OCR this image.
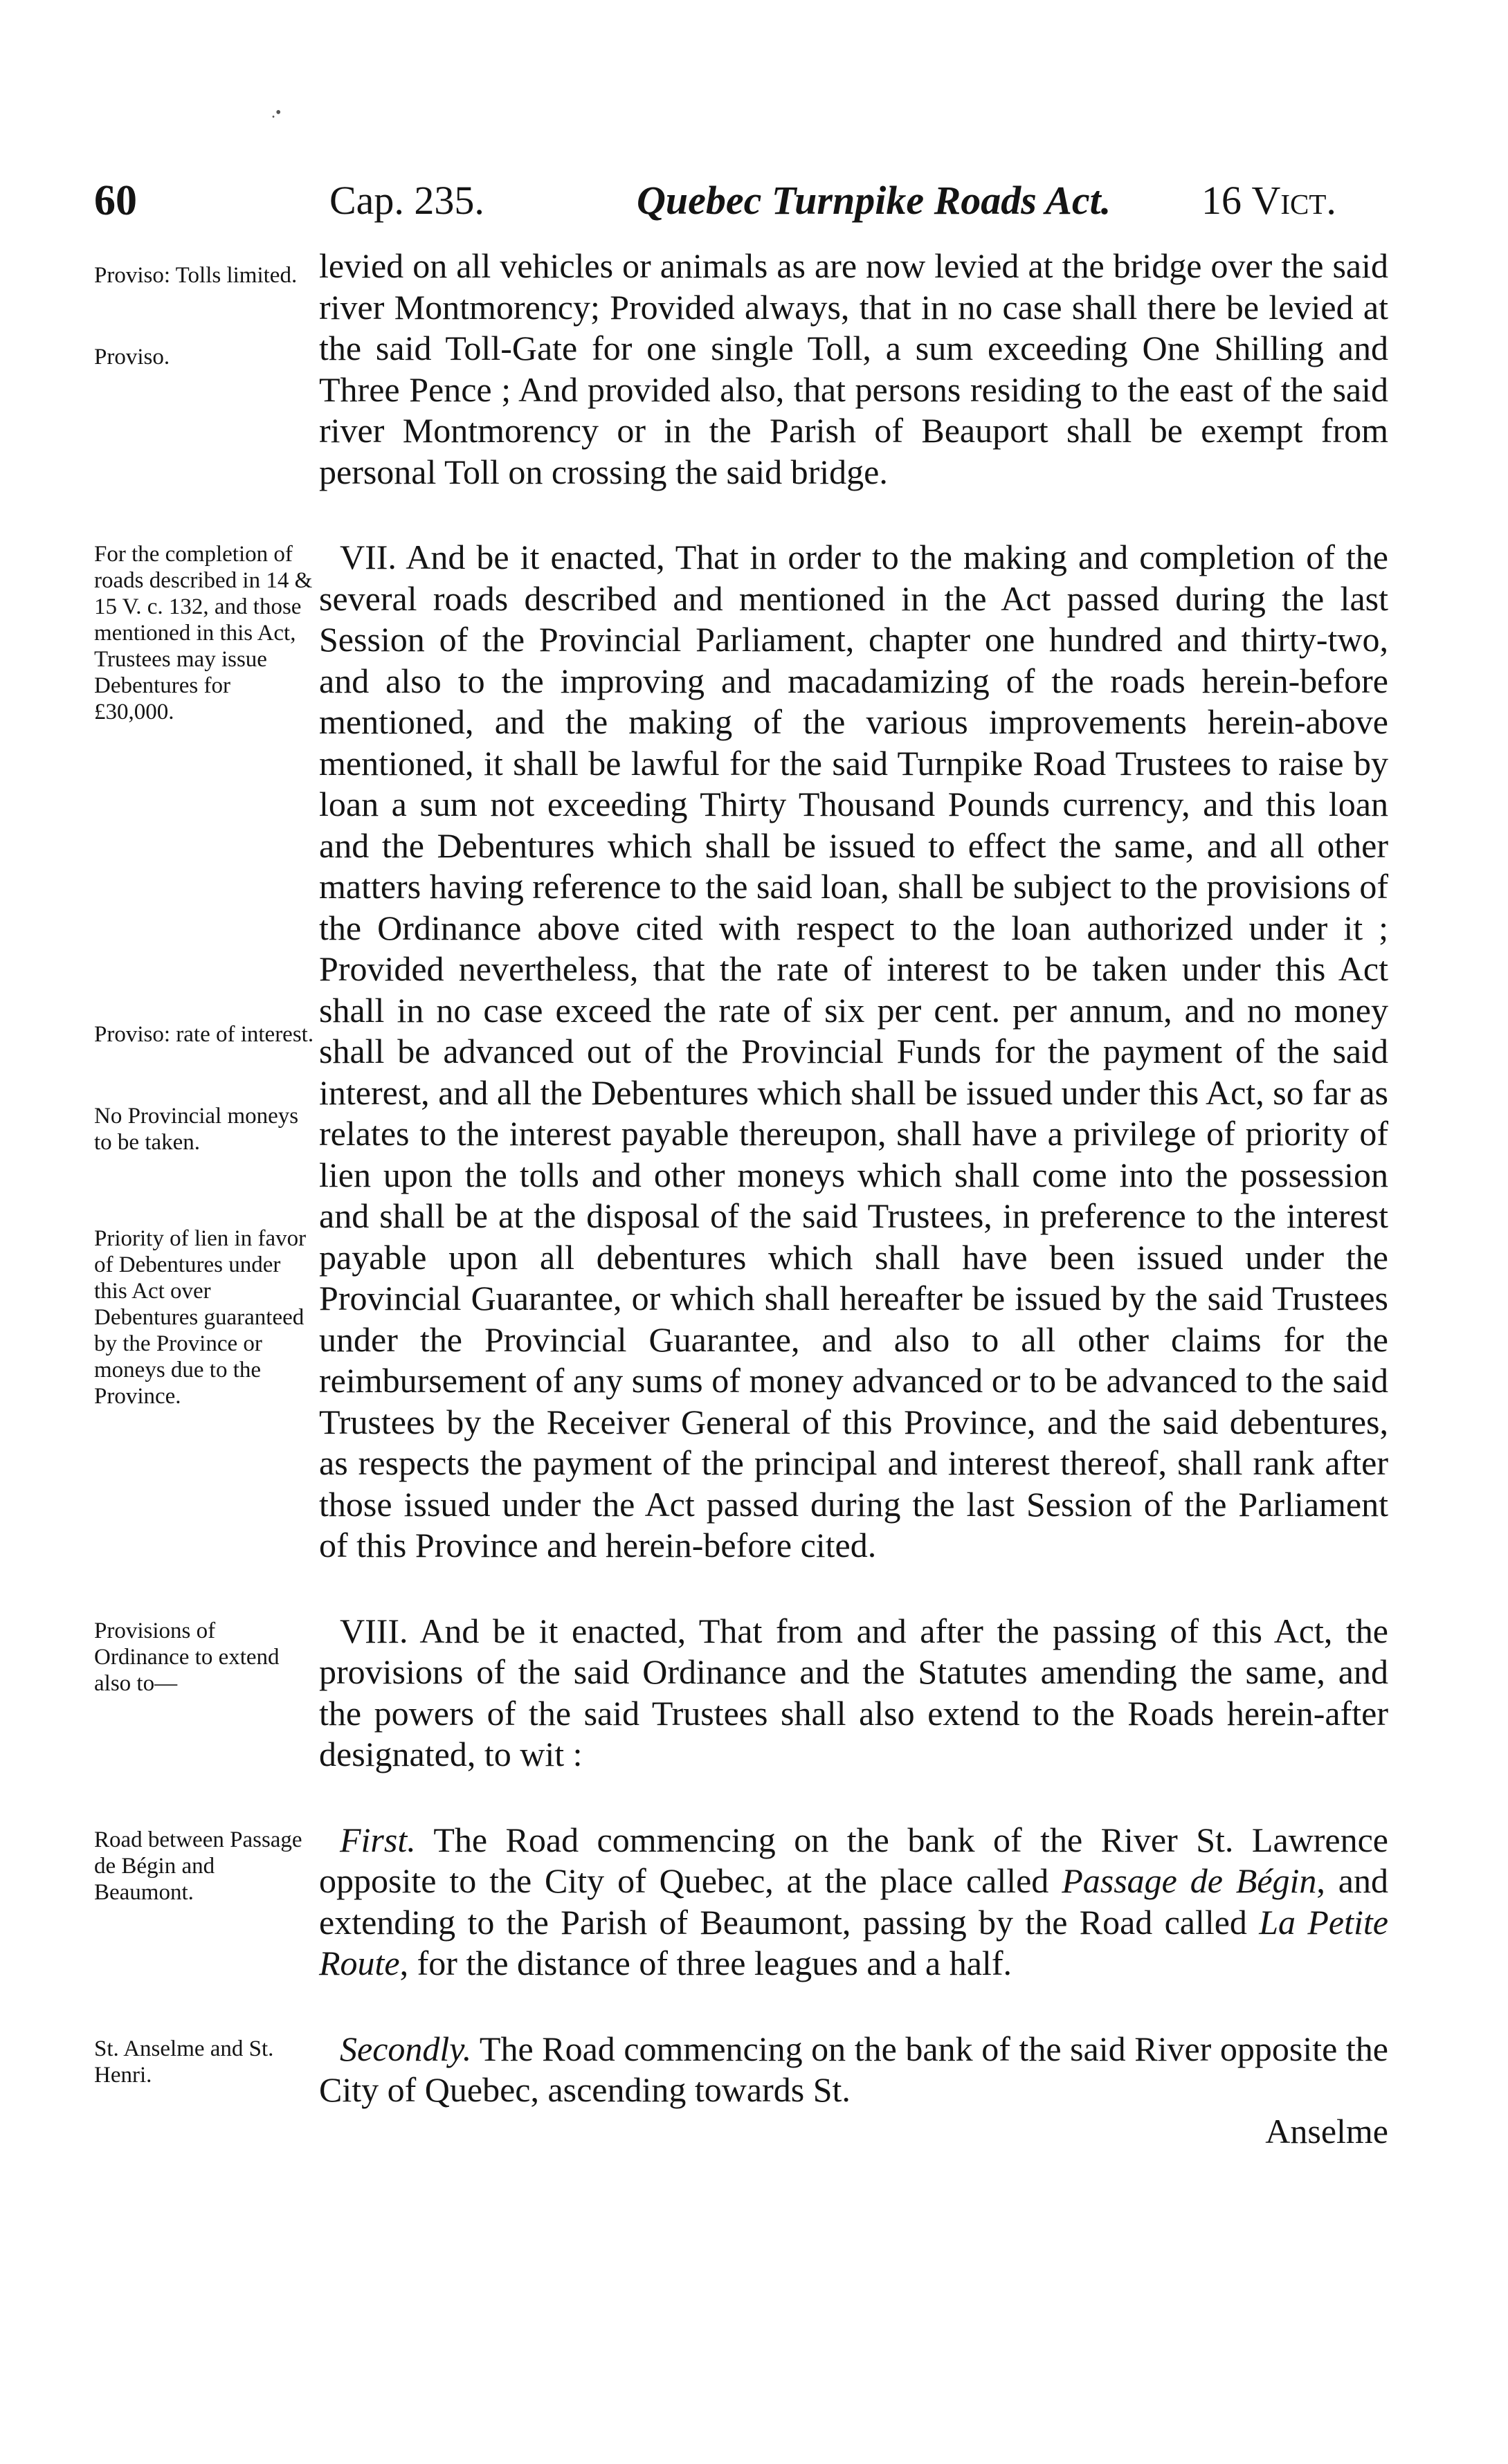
.•
60	Cap. 235.	Quebec Turnpike Roads Act. 16 Vict.
Proviso: Tolls limited.
Proviso.

levied on all vehicles or animals as are now levied at the bridge over the said river Montmorency; Provided always, that in no case shall there be levied at the said Toll-Gate for one single Toll, a sum exceeding One Shilling and Three Pence ; And provided also, that persons residing to the east of the said river Montmorency or in the Parish of Beauport shall be exempt from personal Toll on crossing the said bridge.

For the completion of roads described in 14 & 15 V. c. 132, and those mentioned in this Act, Trustees may issue Debentures for £30,000.
Proviso: rate of interest.
No Provincial moneys to be taken.
Priority of lien in favor of Debentures under this Act over Debentures guaranteed by the Province or moneys due to the Province.

VII. And be it enacted, That in order to the making and completion of the several roads described and mentioned in the Act passed during the last Session of the Provincial Parliament, chapter one hundred and thirty-two, and also to the improving and macadamizing of the roads herein-before mentioned, and the making of the various improvements herein-above mentioned, it shall be lawful for the said Turnpike Road Trustees to raise by loan a sum not exceeding Thirty Thousand Pounds currency, and this loan and the Debentures which shall be issued to effect the same, and all other matters having reference to the said loan, shall be subject to the provisions of the Ordinance above cited with respect to the loan authorized under it ; Provided nevertheless, that the rate of interest to be taken under this Act shall in no case exceed the rate of six per cent. per annum, and no money shall be advanced out of the Provincial Funds for the payment of the said interest, and all the Debentures which shall be issued under this Act, so far as relates to the interest payable thereupon, shall have a privilege of priority of lien upon the tolls and other moneys which shall come into the possession and shall be at the disposal of the said Trustees, in preference to the interest payable upon all debentures which shall have been issued under the Provincial Guarantee, or which shall hereafter be issued by the said Trustees under the Provincial Guarantee, and also to all other claims for the reimbursement of any sums of money advanced or to be advanced to the said Trustees by the Receiver General of this Province, and the said debentures, as respects the payment of the principal and interest thereof, shall rank after those issued under the Act passed during the last Session of the Parliament of this Province and herein-before cited.

Provisions of Ordinance to extend also to—

VIII. And be it enacted, That from and after the passing of this Act, the provisions of the said Ordinance and the Statutes amending the same, and the powers of the said Trustees shall also extend to the Roads herein-after designated, to wit :

Road between Passage de Bégin and Beaumont.

First. The Road commencing on the bank of the River St. Lawrence opposite to the City of Quebec, at the place called Passage de Bégin, and extending to the Parish of Beaumont, passing by the Road called La Petite Route, for the distance of three leagues and a half.

St. Anselme and St. Henri.

Secondly. The Road commencing on the bank of the said River opposite the City of Quebec, ascending towards St.

Anselme
